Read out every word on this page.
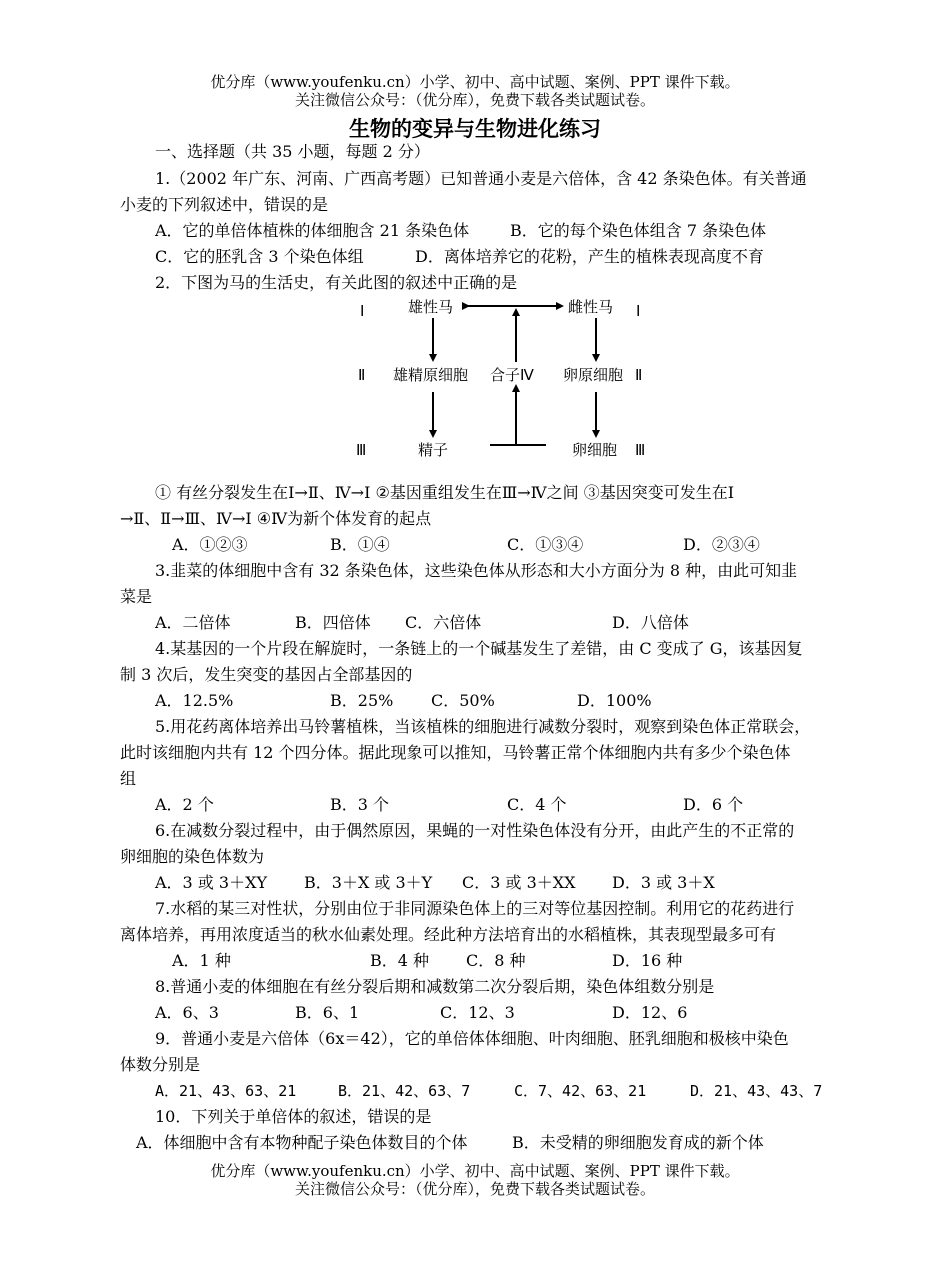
优分库（www.youfenku.cn）小学、初中、高中试题、案例、PPT 课件下载。
关注微信公众号：（优分库），免费下载各类试题试卷。
生物的变异与生物进化练习
一、选择题（共 35 小题，每题 2 分）
1.（2002 年广东、河南、广西高考题）已知普通小麦是六倍体，含 42 条染色体。有关普通
小麦的下列叙述中，错误的是
A．它的单倍体植株的体细胞含 21 条染色体	B．它的每个染色体组含 7 条染色体
C．它的胚乳含 3 个染色体组	D．离体培养它的花粉，产生的植株表现高度不育
2．下图为马的生活史，有关此图的叙述中正确的是
Ⅰ	雄性马	雌性马 Ⅰ
Ⅱ 雄精原细胞 合子Ⅳ 卵原细胞 Ⅱ
Ⅲ	精子	卵细胞 Ⅲ
① 有丝分裂发生在Ⅰ→Ⅱ、Ⅳ→Ⅰ ②基因重组发生在Ⅲ→Ⅳ之间 ③基因突变可发生在Ⅰ
→Ⅱ、Ⅱ→Ⅲ、Ⅳ→Ⅰ ④Ⅳ为新个体发育的起点
A．①②③	B．①④	C．①③④	D．②③④
3.韭菜的体细胞中含有 32 条染色体，这些染色体从形态和大小方面分为 8 种，由此可知韭
菜是
A．二倍体	B．四倍体 C．六倍体	D．八倍体
4.某基因的一个片段在解旋时，一条链上的一个碱基发生了差错，由 C 变成了 G，该基因复
制 3 次后，发生突变的基因占全部基因的
A．12.5%	B．25% C．50%	D．100%
5.用花药离体培养出马铃薯植株，当该植株的细胞进行减数分裂时，观察到染色体正常联会，
此时该细胞内共有 12 个四分体。据此现象可以推知，马铃薯正常个体细胞内共有多少个染色体
组
A．2 个	B．3 个	C．4 个	D．6 个
6.在减数分裂过程中，由于偶然原因，果蝇的一对性染色体没有分开，由此产生的不正常的
卵细胞的染色体数为
A．3 或 3＋XY B．3＋X 或 3＋Y C．3 或 3＋XX D．3 或 3＋X
7.水稻的某三对性状，分别由位于非同源染色体上的三对等位基因控制。利用它的花药进行
离体培养，再用浓度适当的秋水仙素处理。经此种方法培育出的水稻植株，其表现型最多可有
A．1 种	B．4 种 C．8 种	D．16 种
8.普通小麦的体细胞在有丝分裂后期和减数第二次分裂后期，染色体组数分别是
A．6、3	B．6、1	C．12、3	D．12、6
9．普通小麦是六倍体（6x＝42），它的单倍体体细胞、叶肉细胞、胚乳细胞和极核中染色
体数分别是
A．21、43、63、21	B．21、42、63、7	C．7、42、63、21	D．21、43、43、7
10．下列关于单倍体的叙述，错误的是
A．体细胞中含有本物种配子染色体数目的个体	B．未受精的卵细胞发育成的新个体
优分库（www.youfenku.cn）小学、初中、高中试题、案例、PPT 课件下载。
关注微信公众号：（优分库），免费下载各类试题试卷。
